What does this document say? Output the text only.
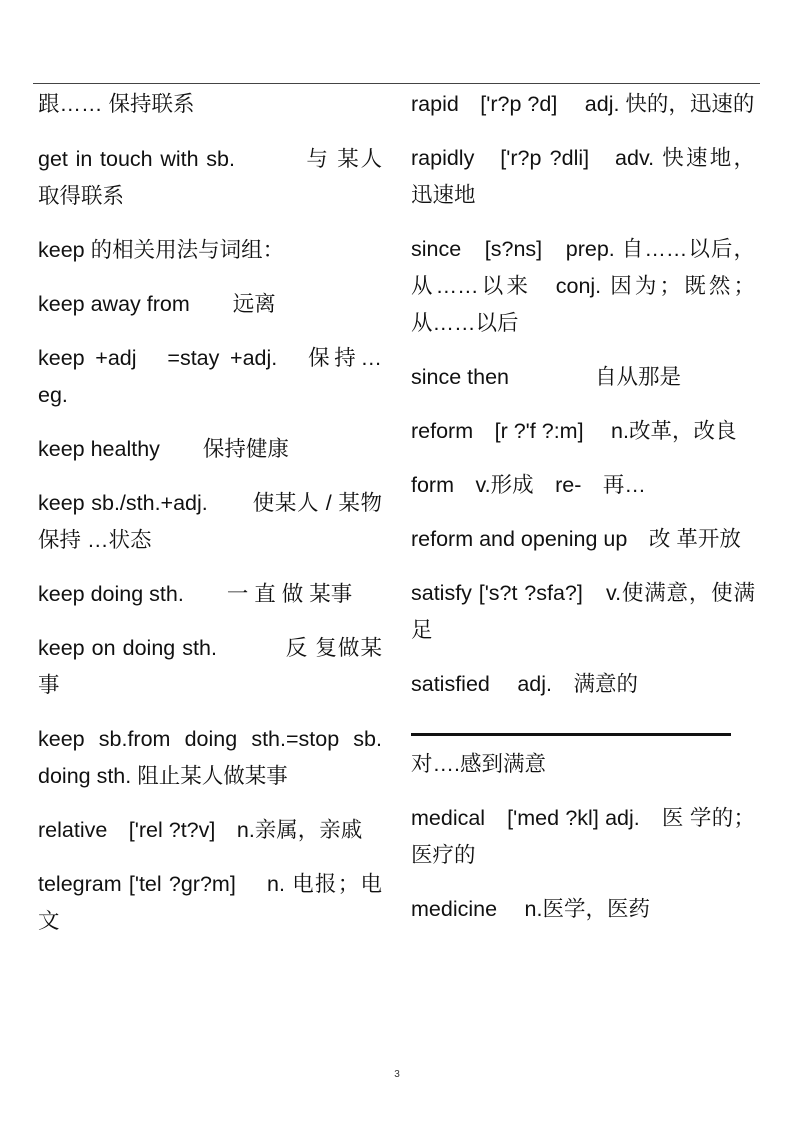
跟…… 保持联系
get in touch with sb.　　　与 某人取得联系
keep 的相关用法与词组：
keep away from　　远离
keep +adj　=stay +adj.　保持…　eg.
keep healthy　　保持健康
keep sb./sth.+adj.　　使某人 / 某物保持 …状态
keep doing sth.　　一 直 做 某事
keep on doing sth.　　　反 复做某事
keep sb.from doing sth.=stop sb. doing sth. 阻止某人做某事
relative　['rel ?t?v]　n.亲属，亲戚
telegram ['tel ?gr?m]　 n. 电报；电文
rapid　['r?p ?d]　 adj. 快的，迅速的
rapidly　['r?p ?dli]　adv. 快速地，迅速地
since　[s?ns]　prep. 自……以后，从……以来　conj. 因为；既然；从……以后
since then　　　　自从那是
reform　[r ?'f ?:m]　 n.改革，改良
form　v.形成　re-　再…
reform and opening up　改 革开放
satisfy ['s?t ?sfa?]　v.使满意，使满足
satisfied　 adj.　满意的
对….感到满意
medical　['med ?kl] adj.　医 学的；医疗的
medicine　 n.医学，医药
3
